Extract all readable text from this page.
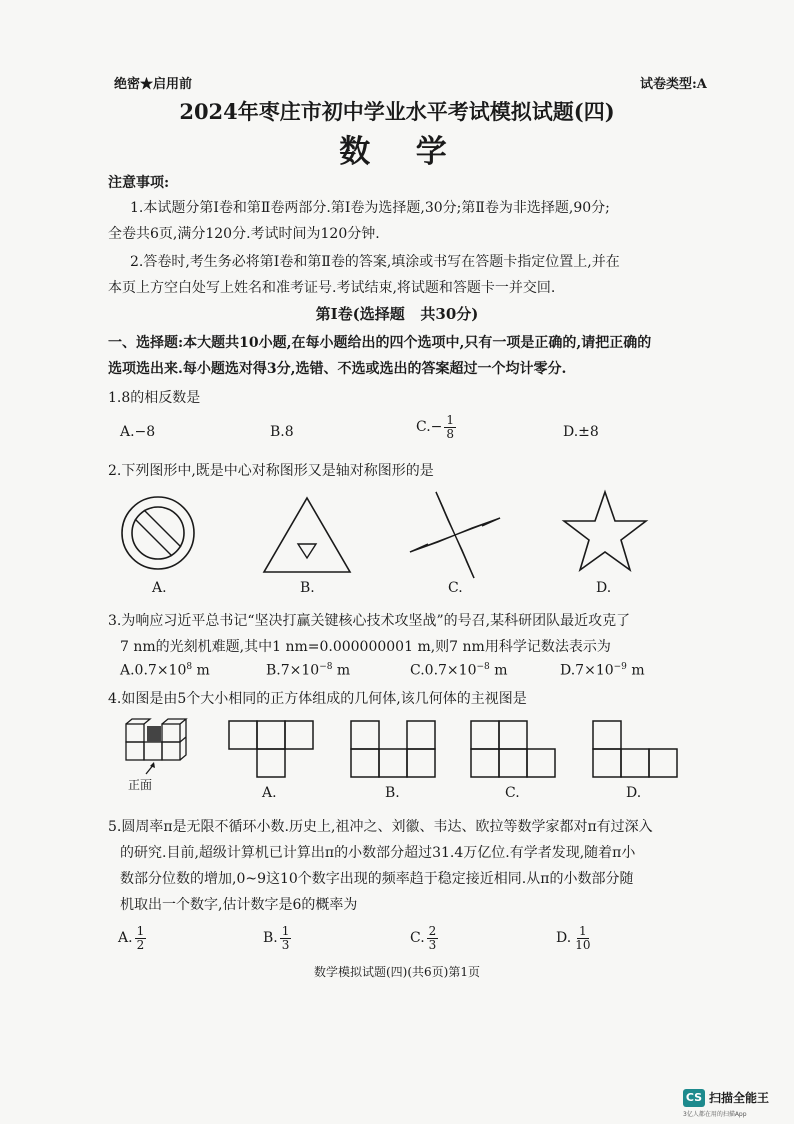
绝密★启用前	试卷类型:A
2024年枣庄市初中学业水平考试模拟试题(四)
数  学
注意事项:
1.本试题分第Ⅰ卷和第Ⅱ卷两部分.第Ⅰ卷为选择题,30分;第Ⅱ卷为非选择题,90分;
全卷共6页,满分120分.考试时间为120分钟.
2.答卷时,考生务必将第Ⅰ卷和第Ⅱ卷的答案,填涂或书写在答题卡指定位置上,并在
本页上方空白处写上姓名和准考证号.考试结束,将试题和答题卡一并交回.
第Ⅰ卷(选择题   共30分)
一、选择题:本大题共10小题,在每小题给出的四个选项中,只有一项是正确的,请把正确的
选项选出来.每小题选对得3分,选错、不选或选出的答案超过一个均计零分.
1.8的相反数是
A.−8	B.8	$C.- \frac{1}{8}$	D.±8
2.下列图形中,既是中心对称图形又是轴对称图形的是
A.	B.	C.	D.
3.为响应习近平总书记“坚决打赢关键核心技术攻坚战”的号召,某科研团队最近攻克了
7 nm的光刻机难题,其中1 nm=0.000000001 m,则7 nm用科学记数法表示为
$A.0.7\times 10^8$ m	$B.7\times 10^{-8}$ m	$C.0.7\times 10^{-8}$ m	$D.7\times 10^{-9}$ m
4.如图是由5个大小相同的正方体组成的几何体,该几何体的主视图是
正面	A.	B.	C.	D.
5.圆周率π是无限不循环小数.历史上,祖冲之、刘徽、韦达、欧拉等数学家都对π有过深入
的研究.目前,超级计算机已计算出π的小数部分超过31.4万亿位.有学者发现,随着π小
数部分位数的增加,0~9这10个数字出现的频率趋于稳定接近相同.从π的小数部分随
机取出一个数字,估计数字是6的概率为
A. $\frac{1}{2}$	B. $\frac{1}{3}$	C. $\frac{2}{3}$	D. $\frac{1}{10}$
数学模拟试题(四)(共6页)第1页
CS 扫描全能王
3亿人都在用的扫描App
